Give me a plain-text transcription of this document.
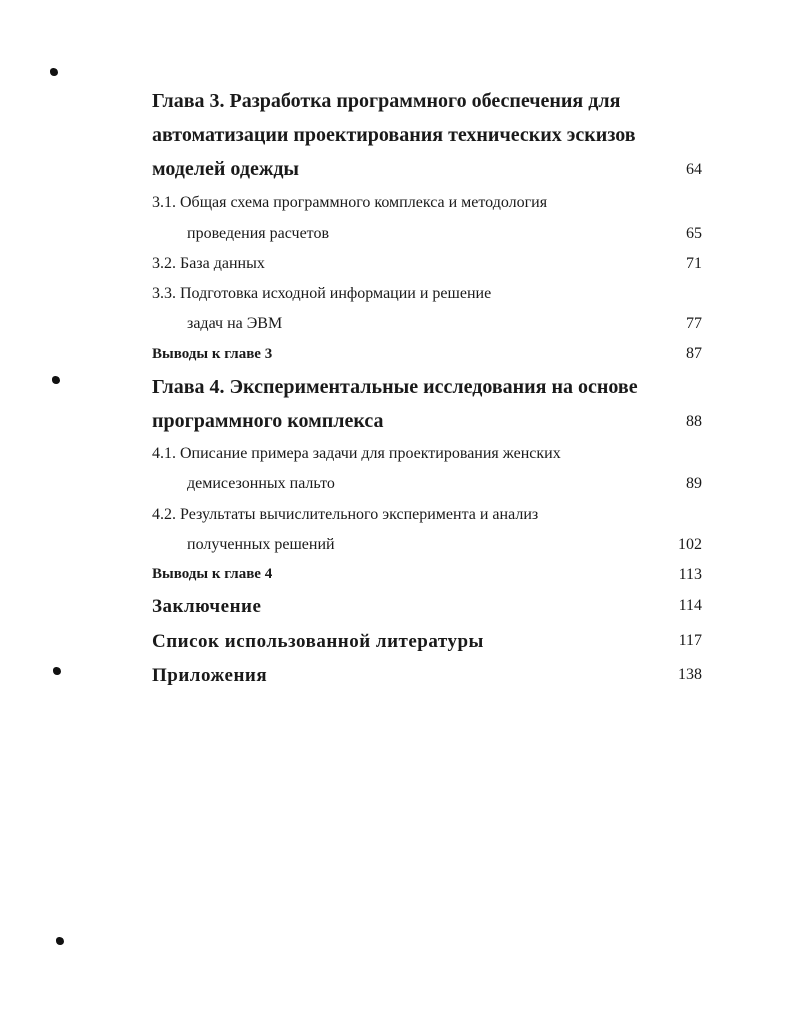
Глава 3. Разработка программного обеспечения для
автоматизации проектирования технических эскизов
моделей одежды	64
3.1. Общая схема программного комплекса и методология
проведения расчетов	65
3.2. База данных	71
3.3. Подготовка исходной информации и решение
задач на ЭВМ	77
Выводы к главе 3	87
Глава 4. Экспериментальные исследования на основе
программного комплекса	88
4.1. Описание примера задачи для проектирования женских
демисезонных пальто	89
4.2. Результаты вычислительного эксперимента и анализ
полученных решений	102
Выводы к главе 4	113
Заключение	114
Список использованной литературы	117
Приложения	138
